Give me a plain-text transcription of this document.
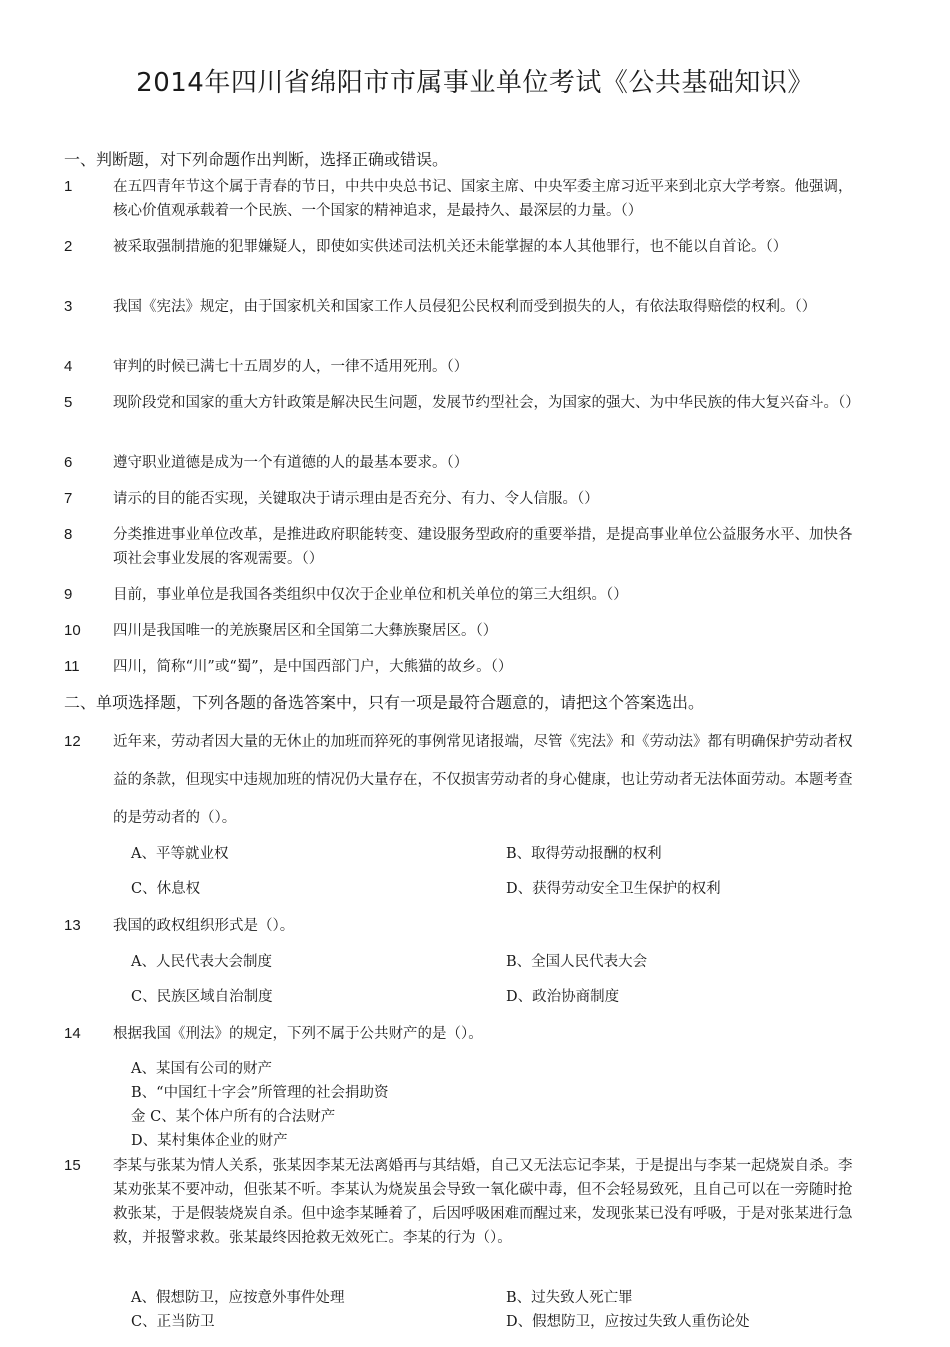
2014年四川省绵阳市市属事业单位考试《公共基础知识》
一、判断题，对下列命题作出判断，选择正确或错误。
1	在五四青年节这个属于青春的节日，中共中央总书记、国家主席、中央军委主席习近平来到北京大学考察。他强调，核心价值观承载着一个民族、一个国家的精神追求，是最持久、最深层的力量。（）
2	被采取强制措施的犯罪嫌疑人，即使如实供述司法机关还未能掌握的本人其他罪行，也不能以自首论。（）
3	我国《宪法》规定，由于国家机关和国家工作人员侵犯公民权利而受到损失的人，有依法取得赔偿的权利。（）
4	审判的时候已满七十五周岁的人，一律不适用死刑。（）
5	现阶段党和国家的重大方针政策是解决民生问题，发展节约型社会，为国家的强大、为中华民族的伟大复兴奋斗。（）
6	遵守职业道德是成为一个有道德的人的最基本要求。（）
7	请示的目的能否实现，关键取决于请示理由是否充分、有力、令人信服。（）
8	分类推进事业单位改革，是推进政府职能转变、建设服务型政府的重要举措，是提高事业单位公益服务水平、加快各项社会事业发展的客观需要。（）
9	目前，事业单位是我国各类组织中仅次于企业单位和机关单位的第三大组织。（）
10 四川是我国唯一的羌族聚居区和全国第二大彝族聚居区。（）
11 四川，简称“川”或“蜀”，是中国西部门户，大熊猫的故乡。（）
二、单项选择题，下列各题的备选答案中，只有一项是最符合题意的，请把这个答案选出。
12 近年来，劳动者因大量的无休止的加班而猝死的事例常见诸报端，尽管《宪法》和《劳动法》都有明确保护劳动者权益的条款，但现实中违规加班的情况仍大量存在，不仅损害劳动者的身心健康，也让劳动者无法体面劳动。本题考查的是劳动者的（）。
A、平等就业权	B、取得劳动报酬的权利
C、休息权	D、获得劳动安全卫生保护的权利
13 我国的政权组织形式是（）。
A、人民代表大会制度	B、全国人民代表大会
C、民族区域自治制度	D、政治协商制度
14 根据我国《刑法》的规定，下列不属于公共财产的是（）。
A、某国有公司的财产
B、“中国红十字会”所管理的社会捐助资
金 C、某个体户所有的合法财产
D、某村集体企业的财产
15 李某与张某为情人关系，张某因李某无法离婚再与其结婚，自己又无法忘记李某，于是提出与李某一起烧炭自杀。李某劝张某不要冲动，但张某不听。李某认为烧炭虽会导致一氧化碳中毒，但不会轻易致死，且自己可以在一旁随时抢救张某，于是假装烧炭自杀。但中途李某睡着了，后因呼吸困难而醒过来，发现张某已没有呼吸，于是对张某进行急救，并报警求救。张某最终因抢救无效死亡。李某的行为（）。
A、假想防卫，应按意外事件处理	B、过失致人死亡罪
C、正当防卫	D、假想防卫，应按过失致人重伤论处
